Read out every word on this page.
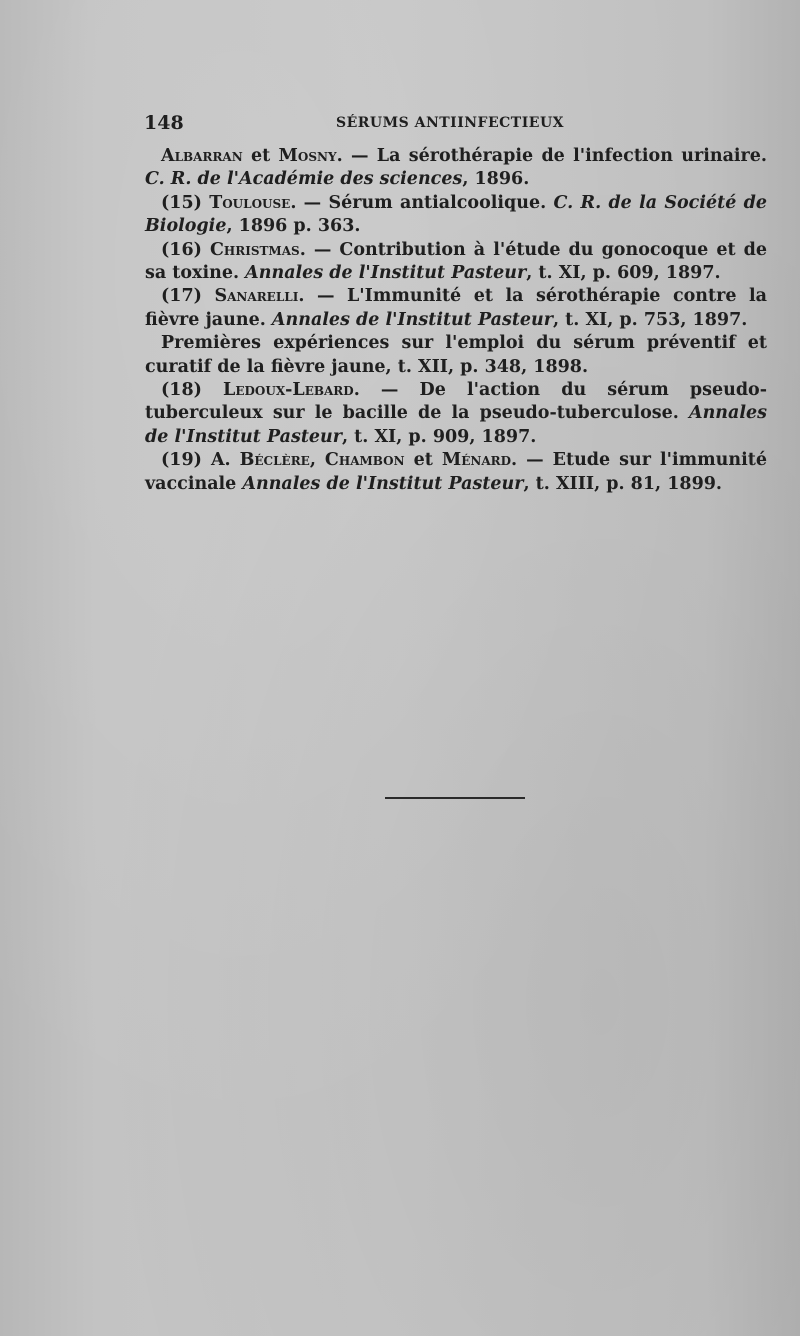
148	SÉRUMS ANTIINFECTIEUX

Albarran et Mosny. — La sérothérapie de l'infection urinaire. C. R. de l'Académie des sciences, 1896.

(15) Toulouse. — Sérum antialcoolique. C. R. de la Société de Biologie, 1896 p. 363.

(16) Christmas. — Contribution à l'étude du gonocoque et de sa toxine. Annales de l'Institut Pasteur, t. XI, p. 609, 1897.

(17) Sanarelli. — L'Immunité et la sérothérapie contre la fièvre jaune. Annales de l'Institut Pasteur, t. XI, p. 753, 1897.

Premières expériences sur l'emploi du sérum préventif et curatif de la fièvre jaune, t. XII, p. 348, 1898.

(18) Ledoux-Lebard. — De l'action du sérum pseudo-tuberculeux sur le bacille de la pseudo-tuberculose. Annales de l'Institut Pasteur, t. XI, p. 909, 1897.

(19) A. Béclère, Chambon et Ménard. — Etude sur l'immunité vaccinale Annales de l'Institut Pasteur, t. XIII, p. 81, 1899.
